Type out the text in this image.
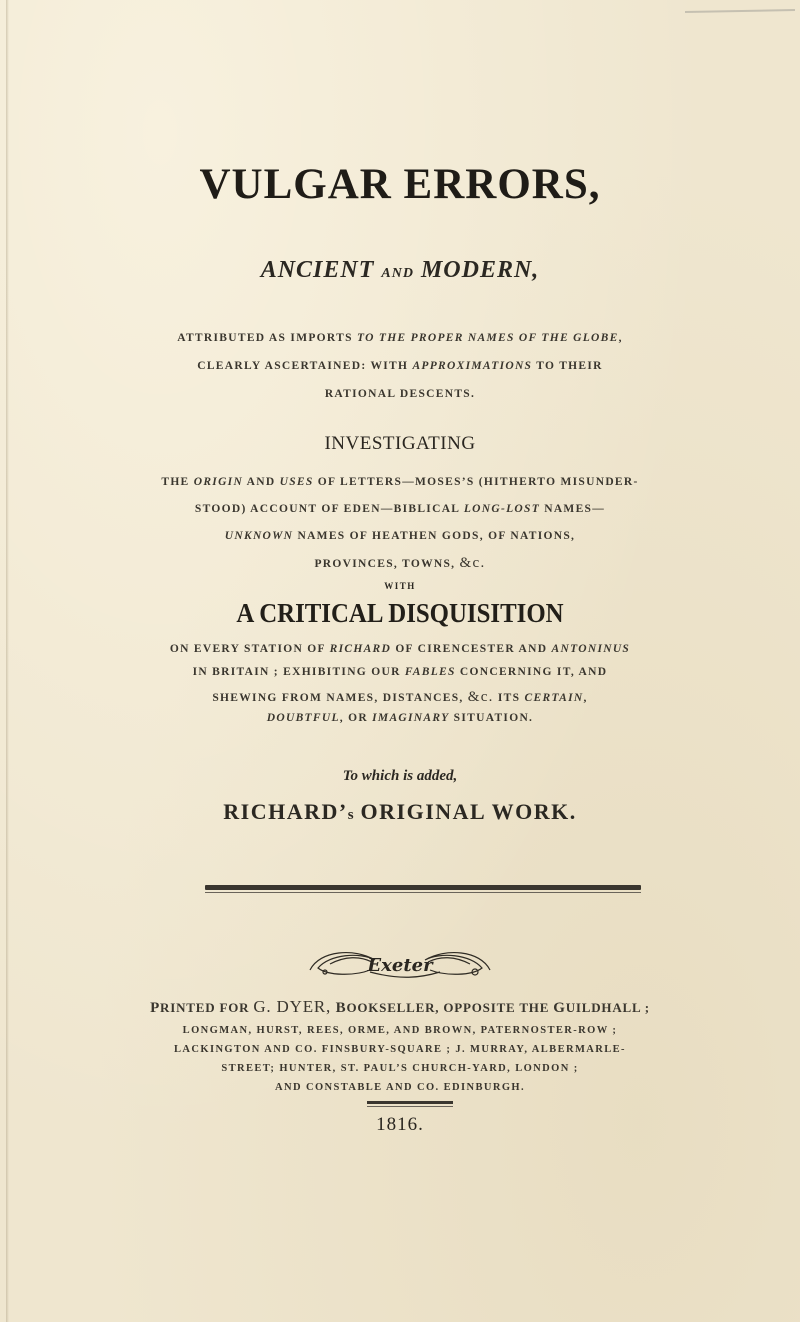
VULGAR ERRORS,
ANCIENT AND MODERN,
ATTRIBUTED AS IMPORTS TO THE PROPER NAMES OF THE GLOBE,
CLEARLY ASCERTAINED: WITH APPROXIMATIONS TO THEIR
RATIONAL DESCENTS.
INVESTIGATING
THE ORIGIN AND USES OF LETTERS—MOSES’S (HITHERTO MISUNDER-
STOOD) ACCOUNT OF EDEN—BIBLICAL LONG-LOST NAMES—
UNKNOWN NAMES OF HEATHEN GODS, OF NATIONS,
PROVINCES, TOWNS, &c.
WITH
A CRITICAL DISQUISITION
ON EVERY STATION OF RICHARD OF CIRENCESTER AND ANTONINUS
IN BRITAIN ; EXHIBITING OUR FABLES CONCERNING IT, AND
SHEWING FROM NAMES, DISTANCES, &c. ITS CERTAIN,
DOUBTFUL, OR IMAGINARY SITUATION.
To which is added,
RICHARD’s ORIGINAL WORK.
Exeter
PRINTED FOR G. DYER, BOOKSELLER, OPPOSITE THE GUILDHALL ;
LONGMAN, HURST, REES, ORME, AND BROWN, PATERNOSTER-ROW ;
LACKINGTON AND CO. FINSBURY-SQUARE ; J. MURRAY, ALBERMARLE-
STREET; HUNTER, ST. PAUL’S CHURCH-YARD, LONDON ;
AND CONSTABLE AND CO. EDINBURGH.
1816.
